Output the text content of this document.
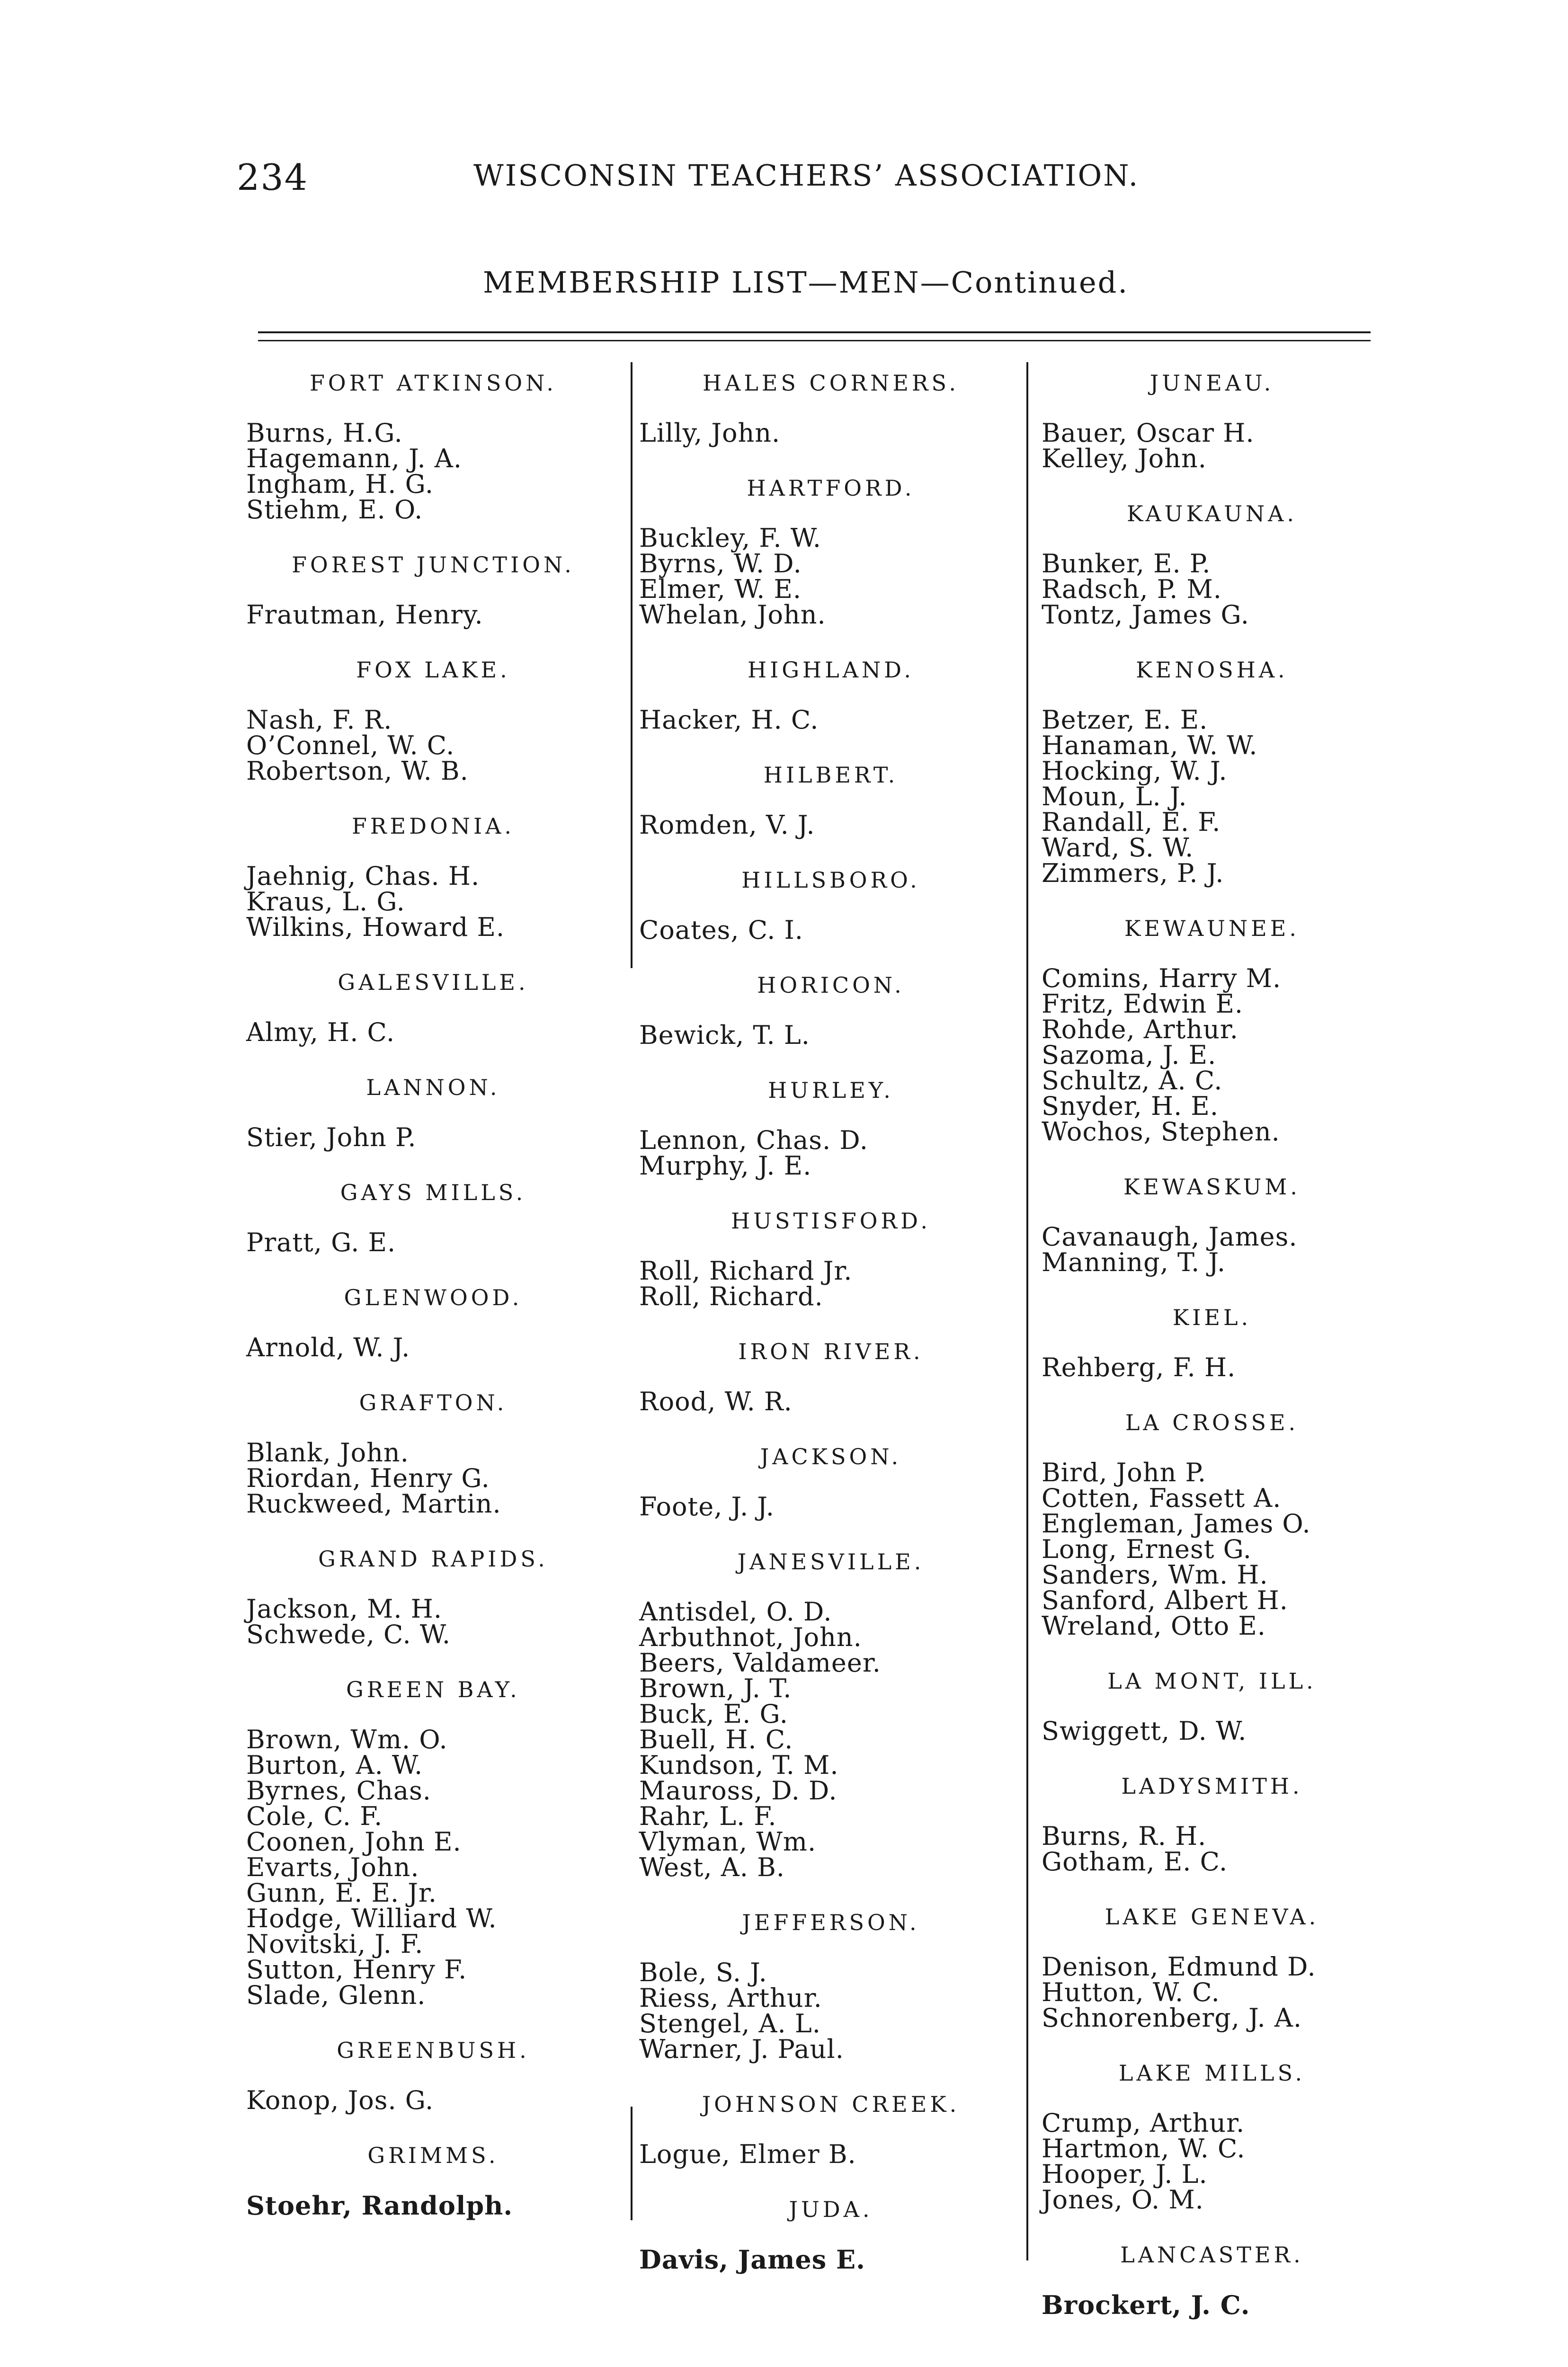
234	WISCONSIN TEACHERS’ ASSOCIATION.
MEMBERSHIP LIST—MEN—Continued.
FORT ATKINSON.
Burns, H.G.
Hagemann, J. A.
Ingham, H. G.
Stiehm, E. O.
FOREST JUNCTION.
Frautman, Henry.
FOX LAKE.
Nash, F. R.
O’Connel, W. C.
Robertson, W. B.
FREDONIA.
Jaehnig, Chas. H.
Kraus, L. G.
Wilkins, Howard E.
GALESVILLE.
Almy, H. C.
LANNON.
Stier, John P.
GAYS MILLS.
Pratt, G. E.
GLENWOOD.
Arnold, W. J.
GRAFTON.
Blank, John.
Riordan, Henry G.
Ruckweed, Martin.
GRAND RAPIDS.
Jackson, M. H.
Schwede, C. W.
GREEN BAY.
Brown, Wm. O.
Burton, A. W.
Byrnes, Chas.
Cole, C. F.
Coonen, John E.
Evarts, John.
Gunn, E. E. Jr.
Hodge, Williard W.
Novitski, J. F.
Sutton, Henry F.
Slade, Glenn.
GREENBUSH.
Konop, Jos. G.
GRIMMS.
Stoehr, Randolph.
HALES CORNERS.
Lilly, John.
HARTFORD.
Buckley, F. W.
Byrns, W. D.
Elmer, W. E.
Whelan, John.
HIGHLAND.
Hacker, H. C.
HILBERT.
Romden, V. J.
HILLSBORO.
Coates, C. I.
HORICON.
Bewick, T. L.
HURLEY.
Lennon, Chas. D.
Murphy, J. E.
HUSTISFORD.
Roll, Richard Jr.
Roll, Richard.
IRON RIVER.
Rood, W. R.
JACKSON.
Foote, J. J.
JANESVILLE.
Antisdel, O. D.
Arbuthnot, John.
Beers, Valdameer.
Brown, J. T.
Buck, E. G.
Buell, H. C.
Kundson, T. M.
Mauross, D. D.
Rahr, L. F.
Vlyman, Wm.
West, A. B.
JEFFERSON.
Bole, S. J.
Riess, Arthur.
Stengel, A. L.
Warner, J. Paul.
JOHNSON CREEK.
Logue, Elmer B.
JUDA.
Davis, James E.
JUNEAU.
Bauer, Oscar H.
Kelley, John.
KAUKAUNA.
Bunker, E. P.
Radsch, P. M.
Tontz, James G.
KENOSHA.
Betzer, E. E.
Hanaman, W. W.
Hocking, W. J.
Moun, L. J.
Randall, E. F.
Ward, S. W.
Zimmers, P. J.
KEWAUNEE.
Comins, Harry M.
Fritz, Edwin E.
Rohde, Arthur.
Sazoma, J. E.
Schultz, A. C.
Snyder, H. E.
Wochos, Stephen.
KEWASKUM.
Cavanaugh, James.
Manning, T. J.
KIEL.
Rehberg, F. H.
LA CROSSE.
Bird, John P.
Cotten, Fassett A.
Engleman, James O.
Long, Ernest G.
Sanders, Wm. H.
Sanford, Albert H.
Wreland, Otto E.
LA MONT, ILL.
Swiggett, D. W.
LADYSMITH.
Burns, R. H.
Gotham, E. C.
LAKE GENEVA.
Denison, Edmund D.
Hutton, W. C.
Schnorenberg, J. A.
LAKE MILLS.
Crump, Arthur.
Hartmon, W. C.
Hooper, J. L.
Jones, O. M.
LANCASTER.
Brockert, J. C.
